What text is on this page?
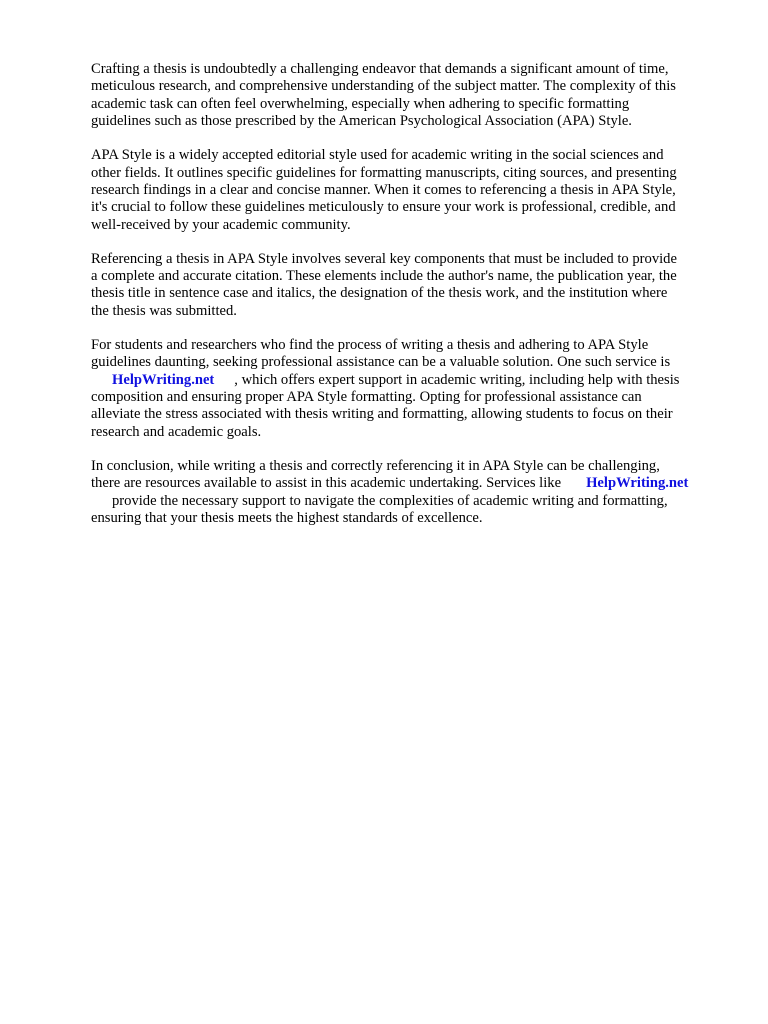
Crafting a thesis is undoubtedly a challenging endeavor that demands a significant amount of time,
meticulous research, and comprehensive understanding of the subject matter. The complexity of this
academic task can often feel overwhelming, especially when adhering to specific formatting
guidelines such as those prescribed by the American Psychological Association (APA) Style.

APA Style is a widely accepted editorial style used for academic writing in the social sciences and
other fields. It outlines specific guidelines for formatting manuscripts, citing sources, and presenting
research findings in a clear and concise manner. When it comes to referencing a thesis in APA Style,
it's crucial to follow these guidelines meticulously to ensure your work is professional, credible, and
well-received by your academic community.

Referencing a thesis in APA Style involves several key components that must be included to provide
a complete and accurate citation. These elements include the author's name, the publication year, the
thesis title in sentence case and italics, the designation of the thesis work, and the institution where
the thesis was submitted.

For students and researchers who find the process of writing a thesis and adhering to APA Style
guidelines daunting, seeking professional assistance can be a valuable solution. One such service is
HelpWriting.net , which offers expert support in academic writing, including help with thesis
composition and ensuring proper APA Style formatting. Opting for professional assistance can
alleviate the stress associated with thesis writing and formatting, allowing students to focus on their
research and academic goals.

In conclusion, while writing a thesis and correctly referencing it in APA Style can be challenging,
there are resources available to assist in this academic undertaking. Services like HelpWriting.net
provide the necessary support to navigate the complexities of academic writing and formatting,
ensuring that your thesis meets the highest standards of excellence.
